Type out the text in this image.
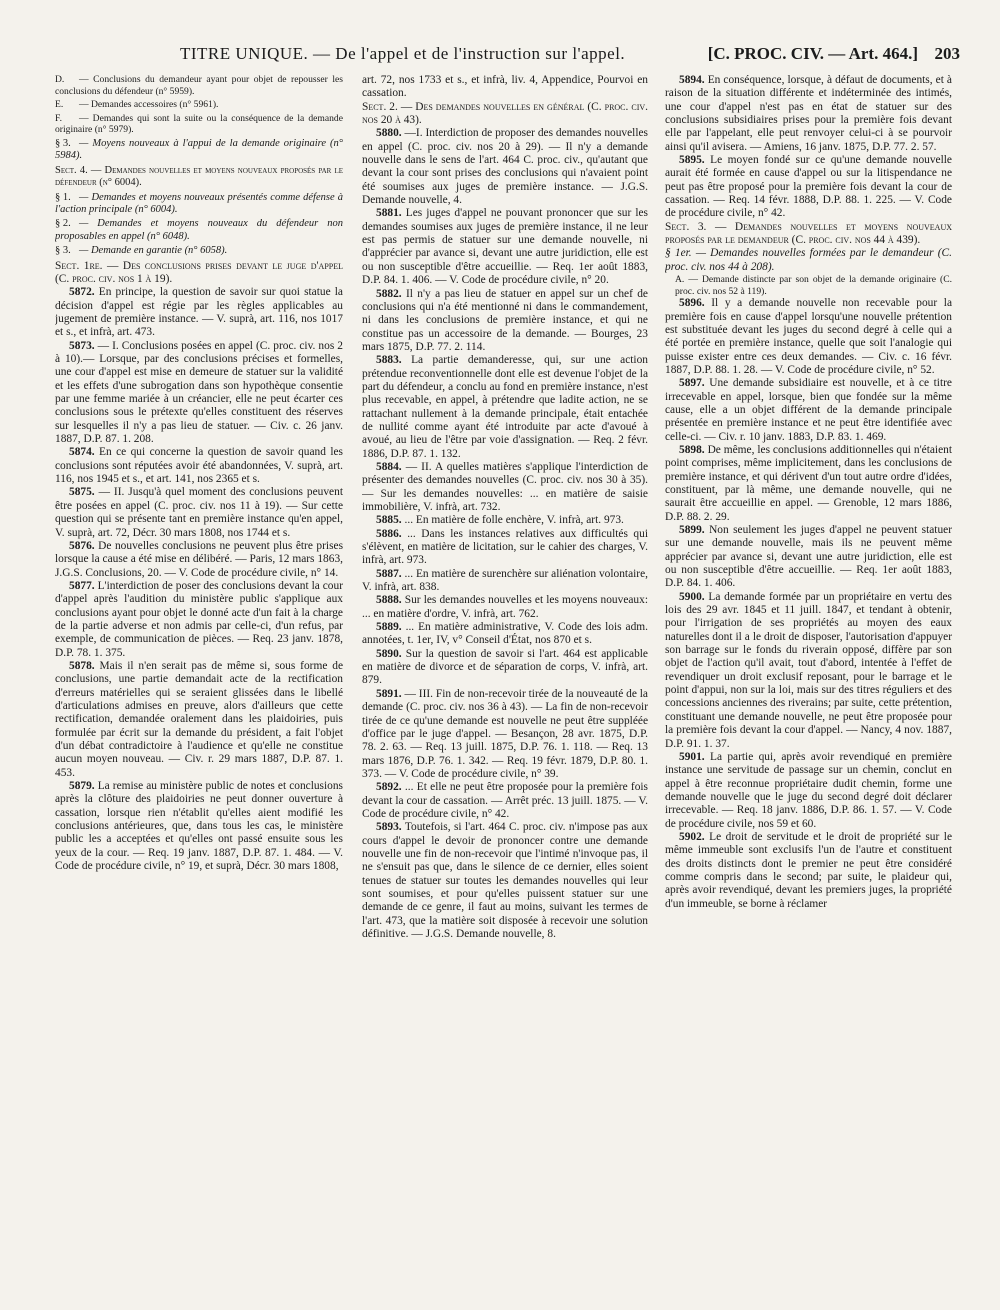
TITRE UNIQUE. — De l'appel et de l'instruction sur l'appel.	[C. PROC. CIV. — Art. 464.] 203
D. — Conclusions du demandeur ayant pour objet de repousser les conclusions du défendeur (n° 5959).
E. — Demandes accessoires (n° 5961).
F. — Demandes qui sont la suite ou la conséquence de la demande originaire (n° 5979).
§ 3. — Moyens nouveaux à l'appui de la demande originaire (n° 5984).
Sect. 4. — Demandes nouvelles et moyens nouveaux proposés par le défendeur (n° 6004).
§ 1. — Demandes et moyens nouveaux présentés comme défense à l'action principale (n° 6004).
§ 2. — Demandes et moyens nouveaux du défendeur non proposables en appel (n° 6048).
§ 3. — Demande en garantie (n° 6058).

Sect. 1re. — Des conclusions prises devant le juge d'appel (C. proc. civ. nos 1 à 19).

5872. En principe, la question de savoir sur quoi statue la décision d'appel est régie par les règles applicables au jugement de première instance. — V. suprà, art. 116, nos 1017 et s., et infrà, art. 473.

5873. — I. Conclusions posées en appel (C. proc. civ. nos 2 à 10).— Lorsque, par des conclusions précises et formelles, une cour d'appel est mise en demeure de statuer sur la validité et les effets d'une subrogation dans son hypothèque consentie par une femme mariée à un créancier, elle ne peut écarter ces conclusions sous le prétexte qu'elles constituent des réserves sur lesquelles il n'y a pas lieu de statuer. — Civ. c. 26 janv. 1887, D.P. 87. 1. 208.

5874. En ce qui concerne la question de savoir quand les conclusions sont réputées avoir été abandonnées, V. suprà, art. 116, nos 1945 et s., et art. 141, nos 2365 et s.

5875. — II. Jusqu'à quel moment des conclusions peuvent être posées en appel (C. proc. civ. nos 11 à 19). — Sur cette question qui se présente tant en première instance qu'en appel, V. suprà, art. 72, Décr. 30 mars 1808, nos 1744 et s.

5876. De nouvelles conclusions ne peuvent plus être prises lorsque la cause a été mise en délibéré. — Paris, 12 mars 1863, J.G.S. Conclusions, 20. — V. Code de procédure civile, n° 14.

5877. L'interdiction de poser des conclusions devant la cour d'appel après l'audition du ministère public s'applique aux conclusions ayant pour objet le donné acte d'un fait à la charge de la partie adverse et non admis par celle-ci, d'un refus, par exemple, de communication de pièces. — Req. 23 janv. 1878, D.P. 78. 1. 375.

5878. Mais il n'en serait pas de même si, sous forme de conclusions, une partie demandait acte de la rectification d'erreurs matérielles qui se seraient glissées dans le libellé d'articulations admises en preuve, alors d'ailleurs que cette rectification, demandée oralement dans les plaidoiries, puis formulée par écrit sur la demande du président, a fait l'objet d'un débat contradictoire à l'audience et qu'elle ne constitue aucun moyen nouveau. — Civ. r. 29 mars 1887, D.P. 87. 1. 453.

5879. La remise au ministère public de notes et conclusions après la clôture des plaidoiries ne peut donner ouverture à cassation, lorsque rien n'établit qu'elles aient modifié les conclusions antérieures, que, dans tous les cas, le ministère public les a acceptées et qu'elles ont passé ensuite sous les yeux de la cour. — Req. 19 janv. 1887, D.P. 87. 1. 484. — V. Code de procédure civile, n° 19, et suprà, Décr. 30 mars 1808,

art. 72, nos 1733 et s., et infrà, liv. 4, Appendice, Pourvoi en cassation.

Sect. 2. — Des demandes nouvelles en général (C. proc. civ. nos 20 à 43).

5880. —I. Interdiction de proposer des demandes nouvelles en appel (C. proc. civ. nos 20 à 29). — Il n'y a demande nouvelle dans le sens de l'art. 464 C. proc. civ., qu'autant que devant la cour sont prises des conclusions qui n'avaient point été soumises aux juges de première instance. — J.G.S. Demande nouvelle, 4.

5881. Les juges d'appel ne pouvant prononcer que sur les demandes soumises aux juges de première instance, il ne leur est pas permis de statuer sur une demande nouvelle, ni d'apprécier par avance si, devant une autre juridiction, elle est ou non susceptible d'être accueillie. — Req. 1er août 1883, D.P. 84. 1. 406. — V. Code de procédure civile, n° 20.

5882. Il n'y a pas lieu de statuer en appel sur un chef de conclusions qui n'a été mentionné ni dans le commandement, ni dans les conclusions de première instance, et qui ne constitue pas un accessoire de la demande. — Bourges, 23 mars 1875, D.P. 77. 2. 114.

5883. La partie demanderesse, qui, sur une action prétendue reconventionnelle dont elle est devenue l'objet de la part du défendeur, a conclu au fond en première instance, n'est plus recevable, en appel, à prétendre que ladite action, ne se rattachant nullement à la demande principale, était entachée de nullité comme ayant été introduite par acte d'avoué à avoué, au lieu de l'être par voie d'assignation. — Req. 2 févr. 1886, D.P. 87. 1. 132.

5884. — II. A quelles matières s'applique l'interdiction de présenter des demandes nouvelles (C. proc. civ. nos 30 à 35). — Sur les demandes nouvelles: ... en matière de saisie immobilière, V. infrà, art. 732.

5885. ... En matière de folle enchère, V. infrà, art. 973.

5886. ... Dans les instances relatives aux difficultés qui s'élèvent, en matière de licitation, sur le cahier des charges, V. infrà, art. 973.

5887. ... En matière de surenchère sur aliénation volontaire, V. infrà, art. 838.

5888. Sur les demandes nouvelles et les moyens nouveaux: ... en matière d'ordre, V. infrà, art. 762.

5889. ... En matière administrative, V. Code des lois adm. annotées, t. 1er, IV, v° Conseil d'État, nos 870 et s.

5890. Sur la question de savoir si l'art. 464 est applicable en matière de divorce et de séparation de corps, V. infrà, art. 879.

5891. — III. Fin de non-recevoir tirée de la nouveauté de la demande (C. proc. civ. nos 36 à 43). — La fin de non-recevoir tirée de ce qu'une demande est nouvelle ne peut être suppléée d'office par le juge d'appel. — Besançon, 28 avr. 1875, D.P. 78. 2. 63. — Req. 13 juill. 1875, D.P. 76. 1. 118. — Req. 13 mars 1876, D.P. 76. 1. 342. — Req. 19 févr. 1879, D.P. 80. 1. 373. — V. Code de procédure civile, n° 39.

5892. ... Et elle ne peut être proposée pour la première fois devant la cour de cassation. — Arrêt préc. 13 juill. 1875. — V. Code de procédure civile, n° 42.

5893. Toutefois, si l'art. 464 C. proc. civ. n'impose pas aux cours d'appel le devoir de prononcer contre une demande nouvelle une fin de non-recevoir que l'intimé n'invoque pas, il ne s'ensuit pas que, dans le silence de ce dernier, elles soient tenues de statuer sur toutes les demandes nouvelles qui leur sont soumises, et pour qu'elles puissent statuer sur une demande de ce genre, il faut au moins, suivant les termes de l'art. 473, que la matière soit disposée à recevoir une solution définitive. — J.G.S. Demande nouvelle, 8.

5894. En conséquence, lorsque, à défaut de documents, et à raison de la situation différente et indéterminée des intimés, une cour d'appel n'est pas en état de statuer sur des conclusions subsidiaires prises pour la première fois devant elle par l'appelant, elle peut renvoyer celui-ci à se pourvoir ainsi qu'il avisera. — Amiens, 16 janv. 1875, D.P. 77. 2. 57.

5895. Le moyen fondé sur ce qu'une demande nouvelle aurait été formée en cause d'appel ou sur la litispendance ne peut pas être proposé pour la première fois devant la cour de cassation. — Req. 14 févr. 1888, D.P. 88. 1. 225. — V. Code de procédure civile, n° 42.

Sect. 3. — Demandes nouvelles et moyens nouveaux proposés par le demandeur (C. proc. civ. nos 44 à 439).

§ 1er. — Demandes nouvelles formées par le demandeur (C. proc. civ. nos 44 à 208).

A. — Demande distincte par son objet de la demande originaire (C. proc. civ. nos 52 à 119).

5896. Il y a demande nouvelle non recevable pour la première fois en cause d'appel lorsqu'une nouvelle prétention est substituée devant les juges du second degré à celle qui a été portée en première instance, quelle que soit l'analogie qui puisse exister entre ces deux demandes. — Civ. c. 16 févr. 1887, D.P. 88. 1. 28. — V. Code de procédure civile, n° 52.

5897. Une demande subsidiaire est nouvelle, et à ce titre irrecevable en appel, lorsque, bien que fondée sur la même cause, elle a un objet différent de la demande principale présentée en première instance et ne peut être identifiée avec celle-ci. — Civ. r. 10 janv. 1883, D.P. 83. 1. 469.

5898. De même, les conclusions additionnelles qui n'étaient point comprises, même implicitement, dans les conclusions de première instance, et qui dérivent d'un tout autre ordre d'idées, constituent, par là même, une demande nouvelle, qui ne saurait être accueillie en appel. — Grenoble, 12 mars 1886, D.P. 88. 2. 29.

5899. Non seulement les juges d'appel ne peuvent statuer sur une demande nouvelle, mais ils ne peuvent même apprécier par avance si, devant une autre juridiction, elle est ou non susceptible d'être accueillie. — Req. 1er août 1883, D.P. 84. 1. 406.

5900. La demande formée par un propriétaire en vertu des lois des 29 avr. 1845 et 11 juill. 1847, et tendant à obtenir, pour l'irrigation de ses propriétés au moyen des eaux naturelles dont il a le droit de disposer, l'autorisation d'appuyer son barrage sur le fonds du riverain opposé, diffère par son objet de l'action qu'il avait, tout d'abord, intentée à l'effet de revendiquer un droit exclusif reposant, pour le barrage et le point d'appui, non sur la loi, mais sur des titres réguliers et des concessions anciennes des riverains; par suite, cette prétention, constituant une demande nouvelle, ne peut être proposée pour la première fois devant la cour d'appel. — Nancy, 4 nov. 1887, D.P. 91. 1. 37.

5901. La partie qui, après avoir revendiqué en première instance une servitude de passage sur un chemin, conclut en appel à être reconnue propriétaire dudit chemin, forme une demande nouvelle que le juge du second degré doit déclarer irrecevable. — Req. 18 janv. 1886, D.P. 86. 1. 57. — V. Code de procédure civile, nos 59 et 60.

5902. Le droit de servitude et le droit de propriété sur le même immeuble sont exclusifs l'un de l'autre et constituent des droits distincts dont le premier ne peut être considéré comme compris dans le second; par suite, le plaideur qui, après avoir revendiqué, devant les premiers juges, la propriété d'un immeuble, se borne à réclamer
